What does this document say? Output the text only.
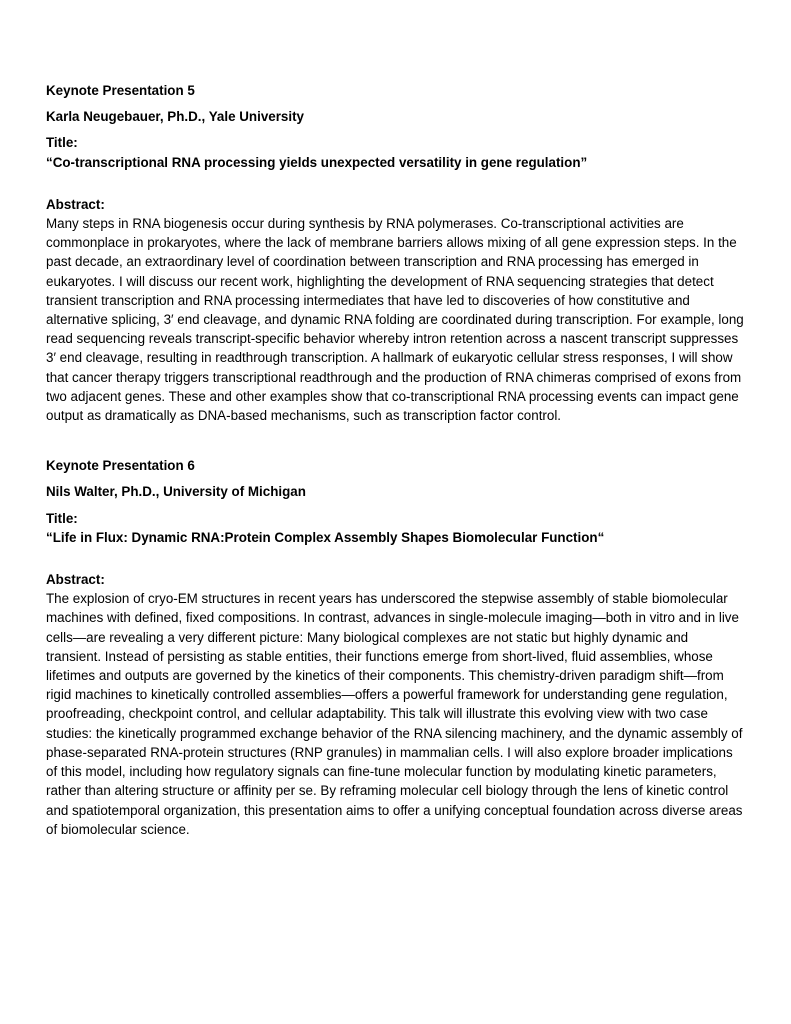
Keynote Presentation 5
Karla Neugebauer, Ph.D., Yale University
Title:
“Co-transcriptional RNA processing yields unexpected versatility in gene regulation”
Abstract:

Many steps in RNA biogenesis occur during synthesis by RNA polymerases. Co-transcriptional activities are commonplace in prokaryotes, where the lack of membrane barriers allows mixing of all gene expression steps. In the past decade, an extraordinary level of coordination between transcription and RNA processing has emerged in eukaryotes. I will discuss our recent work, highlighting the development of RNA sequencing strategies that detect transient transcription and RNA processing intermediates that have led to discoveries of how constitutive and alternative splicing, 3′ end cleavage, and dynamic RNA folding are coordinated during transcription. For example, long read sequencing reveals transcript-specific behavior whereby intron retention across a nascent transcript suppresses 3′ end cleavage, resulting in readthrough transcription. A hallmark of eukaryotic cellular stress responses, I will show that cancer therapy triggers transcriptional readthrough and the production of RNA chimeras comprised of exons from two adjacent genes. These and other examples show that co-transcriptional RNA processing events can impact gene output as dramatically as DNA-based mechanisms, such as transcription factor control.

Keynote Presentation 6
Nils Walter, Ph.D., University of Michigan
Title:
“Life in Flux: Dynamic RNA:Protein Complex Assembly Shapes Biomolecular Function“
Abstract:

The explosion of cryo-EM structures in recent years has underscored the stepwise assembly of stable biomolecular machines with defined, fixed compositions. In contrast, advances in single-molecule imaging—both in vitro and in live cells—are revealing a very different picture: Many biological complexes are not static but highly dynamic and transient. Instead of persisting as stable entities, their functions emerge from short-lived, fluid assemblies, whose lifetimes and outputs are governed by the kinetics of their components. This chemistry-driven paradigm shift—from rigid machines to kinetically controlled assemblies—offers a powerful framework for understanding gene regulation, proofreading, checkpoint control, and cellular adaptability. This talk will illustrate this evolving view with two case studies: the kinetically programmed exchange behavior of the RNA silencing machinery, and the dynamic assembly of phase-separated RNA-protein structures (RNP granules) in mammalian cells. I will also explore broader implications of this model, including how regulatory signals can fine-tune molecular function by modulating kinetic parameters, rather than altering structure or affinity per se. By reframing molecular cell biology through the lens of kinetic control and spatiotemporal organization, this presentation aims to offer a unifying conceptual foundation across diverse areas of biomolecular science.
